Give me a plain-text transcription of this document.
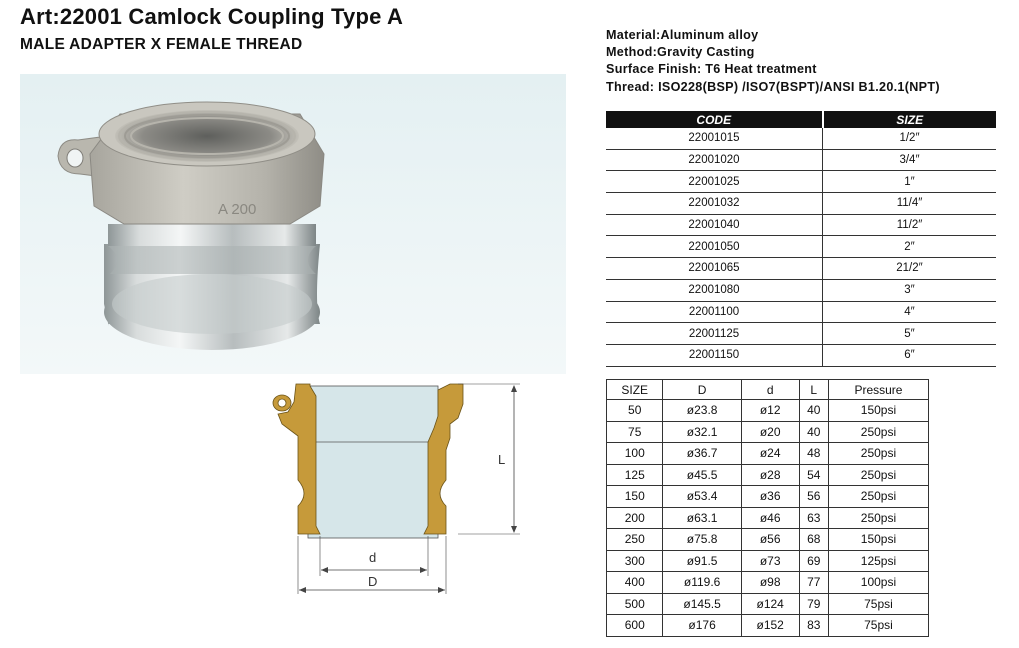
Art:22001 Camlock Coupling Type A
MALE ADAPTER X FEMALE THREAD
A 200
Material:Aluminum alloy
Method:Gravity Casting
Surface Finish: T6 Heat treatment
Thread: ISO228(BSP) /ISO7(BSPT)/ANSI B1.20.1(NPT)
CODE	SIZE
22001015	1/2″
22001020	3/4″
22001025	1″
22001032	11/4″
22001040	11/2″
22001050	2″
22001065	21/2″
22001080	3″
22001100	4″
22001125	5″
22001150	6″
L
d
D
SIZE	D	d	L	Pressure
50	ø23.8	ø12	40	150psi
75	ø32.1	ø20	40	250psi
100	ø36.7	ø24	48	250psi
125	ø45.5	ø28	54	250psi
150	ø53.4	ø36	56	250psi
200	ø63.1	ø46	63	250psi
250	ø75.8	ø56	68	150psi
300	ø91.5	ø73	69	125psi
400	ø119.6	ø98	77	100psi
500	ø145.5	ø124	79	75psi
600	ø176	ø152	83	75psi
